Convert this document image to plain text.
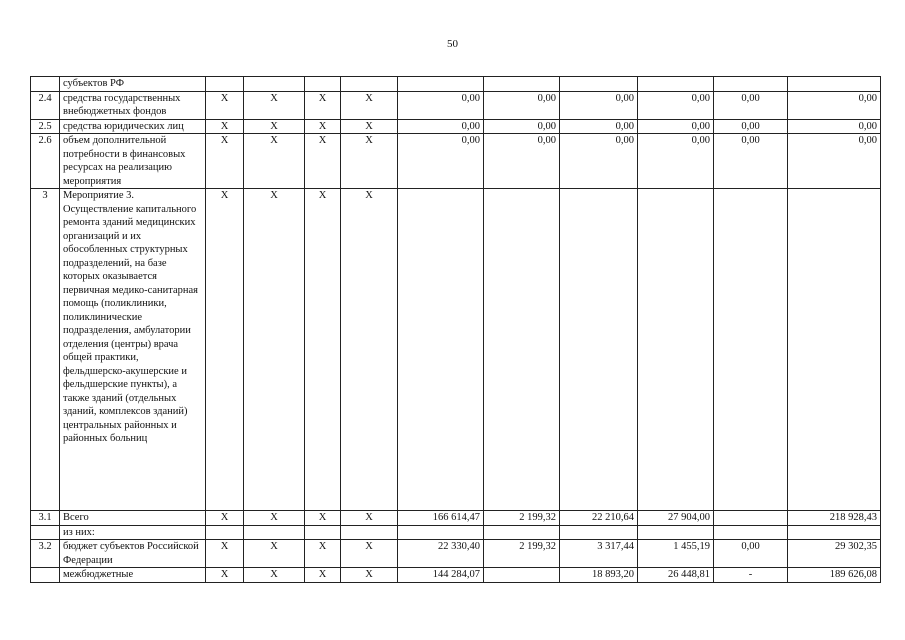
50
	субъектов РФ										
2.4	средства государственных внебюджетных фондов	Х	Х	Х	Х	0,00	0,00	0,00	0,00	0,00	0,00
2.5	средства юридических лиц	Х	Х	Х	Х	0,00	0,00	0,00	0,00	0,00	0,00
2.6	объем дополнительной потребности в финансовых ресурсах на реализацию мероприятия	Х	Х	Х	Х	0,00	0,00	0,00	0,00	0,00	0,00
3	Мероприятие 3. Осуществление капитального ремонта зданий медицинских организаций и их обособленных структурных подразделений, на базе которых оказывается первичная медико-санитарная помощь (поликлиники, поликлинические подразделения, амбулатории отделения (центры) врача общей практики, фельдшерско-акушерские и фельдшерские пункты), а также зданий (отдельных зданий, комплексов зданий) центральных районных и районных больниц	Х	Х	Х	Х						
3.1	Всего	Х	Х	Х	Х	166 614,47	2 199,32	22 210,64	27 904,00		218 928,43
	из них:										
3.2	бюджет субъектов Российской Федерации	Х	Х	Х	Х	22 330,40	2 199,32	3 317,44	1 455,19	0,00	29 302,35
	межбюджетные	Х	Х	Х	Х	144 284,07		18 893,20	26 448,81	-	189 626,08
